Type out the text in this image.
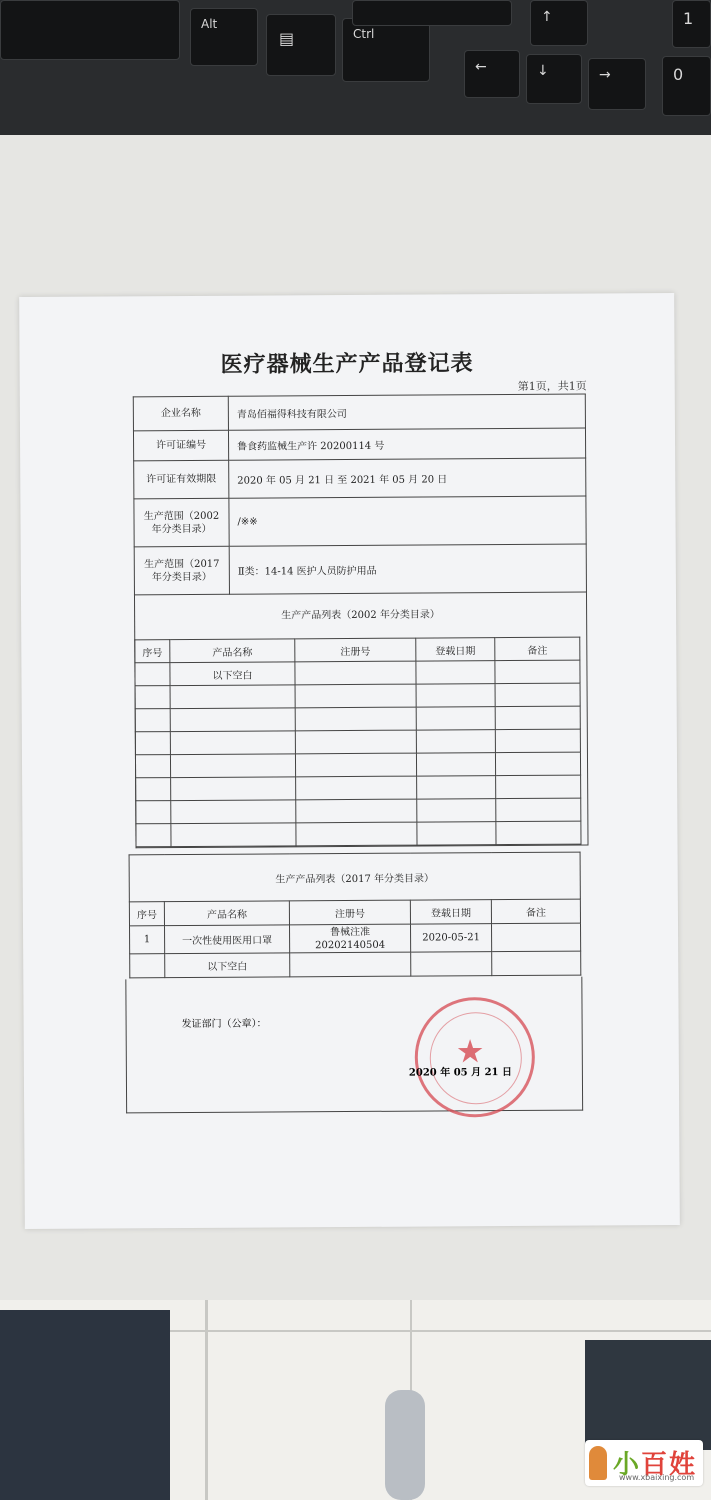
Alt
▤	Ctrl
↑
←	↓	→	0
1
医疗器械生产产品登记表
第1页，共1页
企业名称	青岛佰福得科技有限公司
许可证编号	鲁食药监械生产许 20200114 号
许可证有效期限	2020 年 05 月 21 日 至 2021 年 05 月 20 日
生产范围（2002年分类目录）	/※※
生产范围（2017年分类目录）	Ⅱ类：14-14 医护人员防护用品

生产产品列表（2002 年分类目录）
序号	产品名称	注册号	登载日期	备注
	以下空白			

生产产品列表（2017 年分类目录）				
序号	产品名称	注册号	登载日期	备注
1	一次性使用医用口罩	鲁械注准 20202140504	2020-05-21	
	以下空白			
发证部门（公章）：
★
2020 年 05 月 21 日
小 百 姓
www.xbaixing.com
